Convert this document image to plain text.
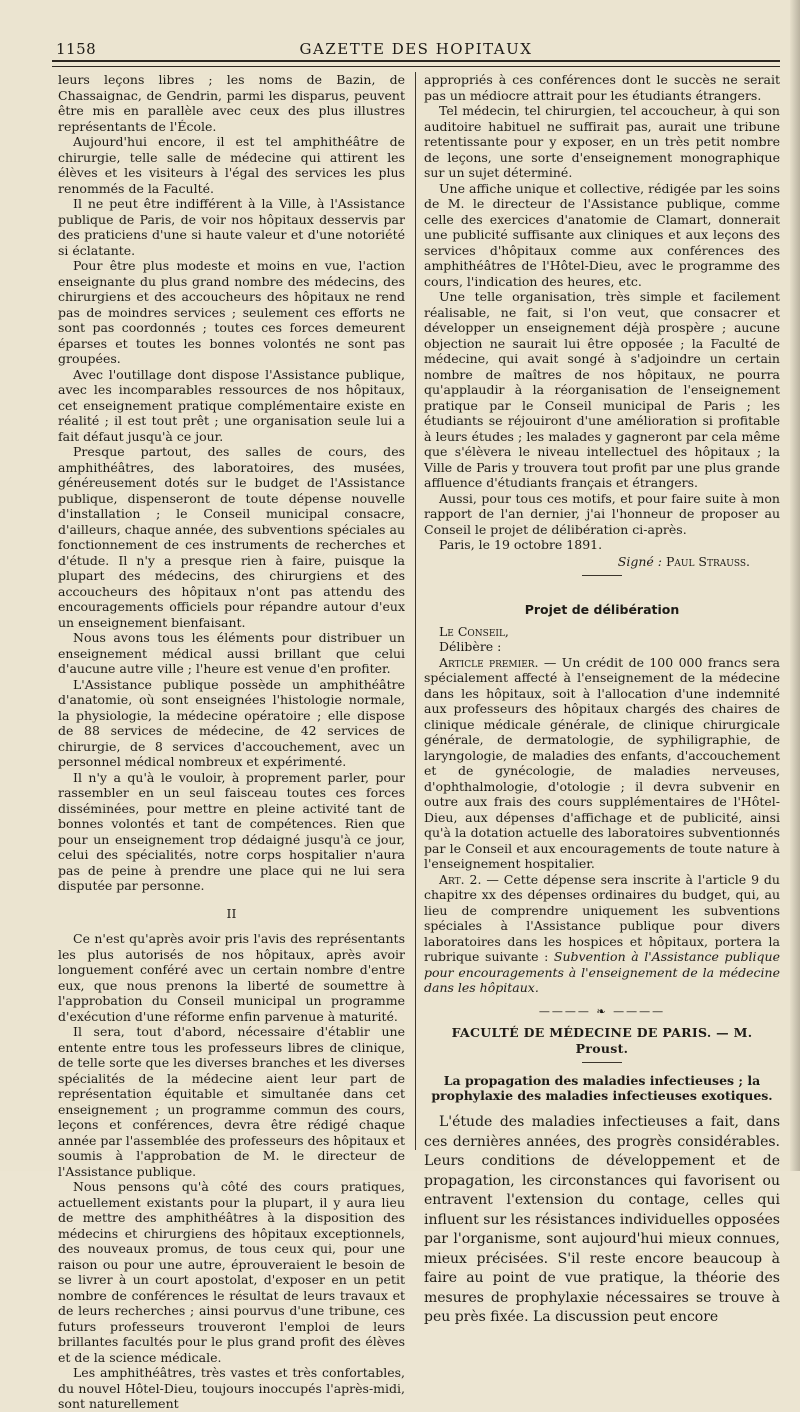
1158	GAZETTE DES HOPITAUX

leurs leçons libres ; les noms de Bazin, de Chassaignac, de Gendrin, parmi les disparus, peuvent être mis en parallèle avec ceux des plus illustres représentants de l'École.

Aujourd'hui encore, il est tel amphithéâtre de chirurgie, telle salle de médecine qui attirent les élèves et les visiteurs à l'égal des services les plus renommés de la Faculté.

Il ne peut être indifférent à la Ville, à l'Assistance publique de Paris, de voir nos hôpitaux desservis par des praticiens d'une si haute valeur et d'une notoriété si éclatante.

Pour être plus modeste et moins en vue, l'action enseignante du plus grand nombre des médecins, des chirurgiens et des accoucheurs des hôpitaux ne rend pas de moindres services ; seulement ces efforts ne sont pas coordonnés ; toutes ces forces demeurent éparses et toutes les bonnes volontés ne sont pas groupées.

Avec l'outillage dont dispose l'Assistance publique, avec les incomparables ressources de nos hôpitaux, cet enseignement pratique complémentaire existe en réalité ; il est tout prêt ; une organisation seule lui a fait défaut jusqu'à ce jour.

Presque partout, des salles de cours, des amphithéâtres, des laboratoires, des musées, généreusement dotés sur le budget de l'Assistance publique, dispenseront de toute dépense nouvelle d'installation ; le Conseil municipal consacre, d'ailleurs, chaque année, des subventions spéciales au fonctionnement de ces instruments de recherches et d'étude. Il n'y a presque rien à faire, puisque la plupart des médecins, des chirurgiens et des accoucheurs des hôpitaux n'ont pas attendu des encouragements officiels pour répandre autour d'eux un enseignement bienfaisant.

Nous avons tous les éléments pour distribuer un enseignement médical aussi brillant que celui d'aucune autre ville ; l'heure est venue d'en profiter.

L'Assistance publique possède un amphithéâtre d'anatomie, où sont enseignées l'histologie normale, la physiologie, la médecine opératoire ; elle dispose de 88 services de médecine, de 42 services de chirurgie, de 8 services d'accouchement, avec un personnel médical nombreux et expérimenté.

Il n'y a qu'à le vouloir, à proprement parler, pour rassembler en un seul faisceau toutes ces forces disséminées, pour mettre en pleine activité tant de bonnes volontés et tant de compétences. Rien que pour un enseignement trop dédaigné jusqu'à ce jour, celui des spécialités, notre corps hospitalier n'aura pas de peine à prendre une place qui ne lui sera disputée par personne.

II

Ce n'est qu'après avoir pris l'avis des représentants les plus autorisés de nos hôpitaux, après avoir longuement conféré avec un certain nombre d'entre eux, que nous prenons la liberté de soumettre à l'approbation du Conseil municipal un programme d'exécution d'une réforme enfin parvenue à maturité.

Il sera, tout d'abord, nécessaire d'établir une entente entre tous les professeurs libres de clinique, de telle sorte que les diverses branches et les diverses spécialités de la médecine aient leur part de représentation équitable et simultanée dans cet enseignement ; un programme commun des cours, leçons et conférences, devra être rédigé chaque année par l'assemblée des professeurs des hôpitaux et soumis à l'approbation de M. le directeur de l'Assistance publique.

Nous pensons qu'à côté des cours pratiques, actuellement existants pour la plupart, il y aura lieu de mettre des amphithéâtres à la disposition des médecins et chirurgiens des hôpitaux exceptionnels, des nouveaux promus, de tous ceux qui, pour une raison ou pour une autre, éprouveraient le besoin de se livrer à un court apostolat, d'exposer en un petit nombre de conférences le résultat de leurs travaux et de leurs recherches ; ainsi pourvus d'une tribune, ces futurs professeurs trouveront l'emploi de leurs brillantes facultés pour le plus grand profit des élèves et de la science médicale.

Les amphithéâtres, très vastes et très confortables, du nouvel Hôtel-Dieu, toujours inoccupés l'après-midi, sont naturellement

appropriés à ces conférences dont le succès ne serait pas un médiocre attrait pour les étudiants étrangers.

Tel médecin, tel chirurgien, tel accoucheur, à qui son auditoire habituel ne suffirait pas, aurait une tribune retentissante pour y exposer, en un très petit nombre de leçons, une sorte d'enseignement monographique sur un sujet déterminé.

Une affiche unique et collective, rédigée par les soins de M. le directeur de l'Assistance publique, comme celle des exercices d'anatomie de Clamart, donnerait une publicité suffisante aux cliniques et aux leçons des services d'hôpitaux comme aux conférences des amphithéâtres de l'Hôtel-Dieu, avec le programme des cours, l'indication des heures, etc.

Une telle organisation, très simple et facilement réalisable, ne fait, si l'on veut, que consacrer et développer un enseignement déjà prospère ; aucune objection ne saurait lui être opposée ; la Faculté de médecine, qui avait songé à s'adjoindre un certain nombre de maîtres de nos hôpitaux, ne pourra qu'applaudir à la réorganisation de l'enseignement pratique par le Conseil municipal de Paris ; les étudiants se réjouiront d'une amélioration si profitable à leurs études ; les malades y gagneront par cela même que s'élèvera le niveau intellectuel des hôpitaux ; la Ville de Paris y trouvera tout profit par une plus grande affluence d'étudiants français et étrangers.

Aussi, pour tous ces motifs, et pour faire suite à mon rapport de l'an dernier, j'ai l'honneur de proposer au Conseil le projet de délibération ci-après.

Paris, le 19 octobre 1891.

Signé : Paul Strauss.
Projet de délibération

Le Conseil,

Délibère :

Article premier. — Un crédit de 100 000 francs sera spécialement affecté à l'enseignement de la médecine dans les hôpitaux, soit à l'allocation d'une indemnité aux professeurs des hôpitaux chargés des chaires de clinique médicale générale, de clinique chirurgicale générale, de dermatologie, de syphiligraphie, de laryngologie, de maladies des enfants, d'accouchement et de gynécologie, de maladies nerveuses, d'ophthalmologie, d'otologie ; il devra subvenir en outre aux frais des cours supplémentaires de l'Hôtel-Dieu, aux dépenses d'affichage et de publicité, ainsi qu'à la dotation actuelle des laboratoires subventionnés par le Conseil et aux encouragements de toute nature à l'enseignement hospitalier.

Art. 2. — Cette dépense sera inscrite à l'article 9 du chapitre xx des dépenses ordinaires du budget, qui, au lieu de comprendre uniquement les subventions spéciales à l'Assistance publique pour divers laboratoires dans les hospices et hôpitaux, portera la rubrique suivante : Subvention à l'Assistance publique pour encouragements à l'enseignement de la médecine dans les hôpitaux.

———— ❧ ————
FACULTÉ DE MÉDECINE DE PARIS. — M. Proust.
La propagation des maladies infectieuses ; la prophylaxie des maladies infectieuses exotiques.

L'étude des maladies infectieuses a fait, dans ces dernières années, des progrès considérables. Leurs conditions de développement et de propagation, les circonstances qui favorisent ou entravent l'extension du contage, celles qui influent sur les résistances individuelles opposées par l'organisme, sont aujourd'hui mieux connues, mieux précisées. S'il reste encore beaucoup à faire au point de vue pratique, la théorie des mesures de prophylaxie nécessaires se trouve à peu près fixée. La discussion peut encore
